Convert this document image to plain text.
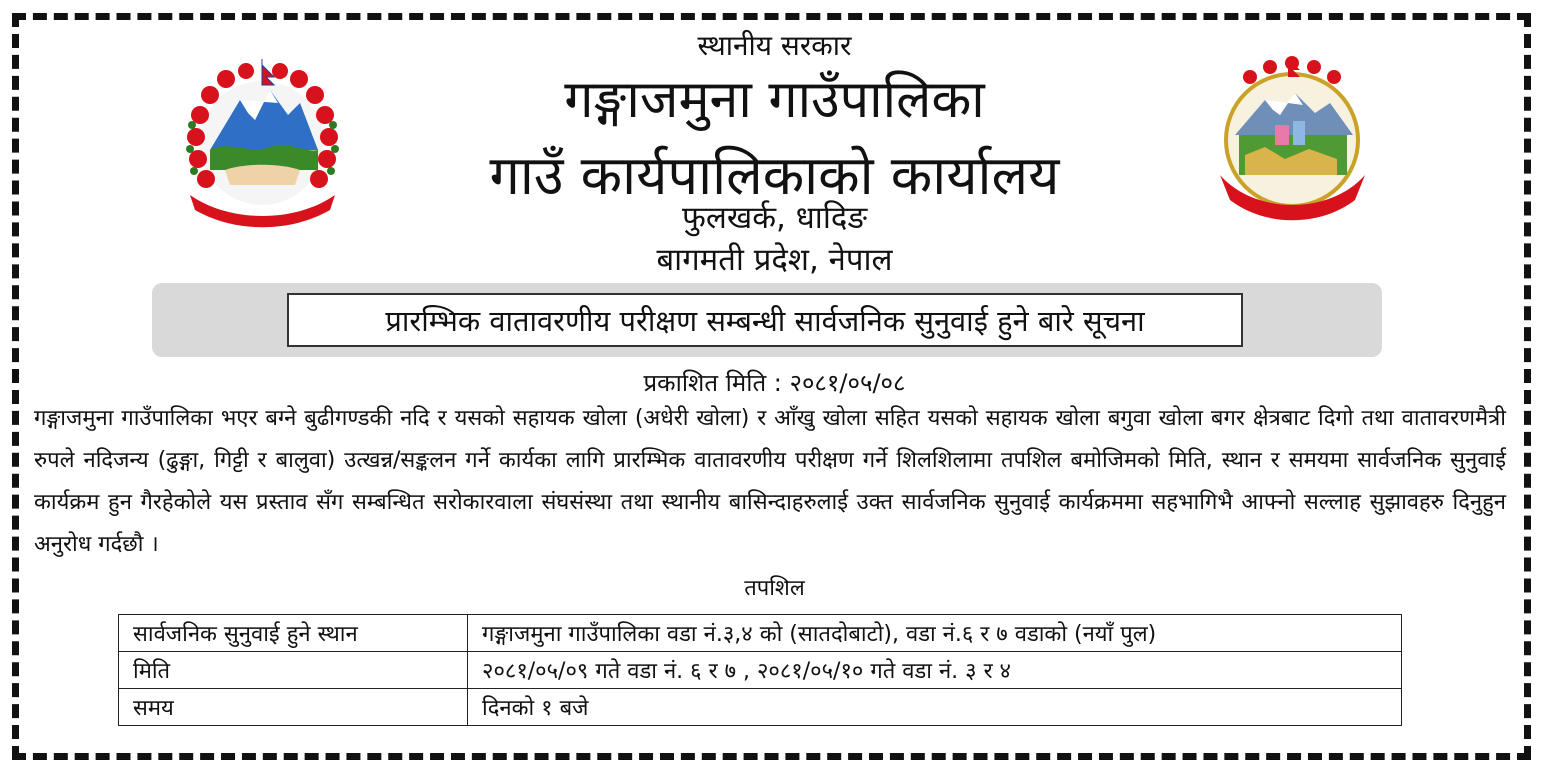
स्थानीय सरकार
गङ्गाजमुना गाउँपालिका
गाउँ कार्यपालिकाको कार्यालय
फुलखर्क, धादिङ
बागमती प्रदेश, नेपाल
प्रारम्भिक वातावरणीय परीक्षण सम्बन्धी सार्वजनिक सुनुवाई हुने बारे सूचना
प्रकाशित मिति : २०८१/०५/०८
गङ्गाजमुना गाउँपालिका भएर बग्ने बुढीगण्डकी नदि र यसको सहायक खोला (अधेरी खोला) र आँखु खोला सहित यसको सहायक खोला बगुवा खोला बगर क्षेत्रबाट दिगो तथा वातावरणमैत्री रुपले नदिजन्य (ढुङ्गा, गिट्टी र बालुवा) उत्खन्न/सङ्कलन गर्ने कार्यका लागि प्रारम्भिक वातावरणीय परीक्षण गर्ने शिलशिलामा तपशिल बमोजिमको मिति, स्थान र समयमा सार्वजनिक सुनुवाई कार्यक्रम हुन गैरहेकोले यस प्रस्ताव सँग सम्बन्धित सरोकारवाला संघसंस्था तथा स्थानीय बासिन्दाहरुलाई उक्त सार्वजनिक सुनुवाई कार्यक्रममा सहभागिभै आफ्नो सल्लाह सुझावहरु दिनुहुन अनुरोध गर्दछौ ।
तपशिल
सार्वजनिक सुनुवाई हुने स्थान	गङ्गाजमुना गाउँपालिका वडा नं.३,४ को (सातदोबाटो), वडा नं.६ र ७ वडाको (नयाँ पुल)
मिति	२०८१/०५/०९ गते वडा नं. ६ र ७ , २०८१/०५/१० गते वडा नं. ३ र ४
समय	दिनको १ बजे
